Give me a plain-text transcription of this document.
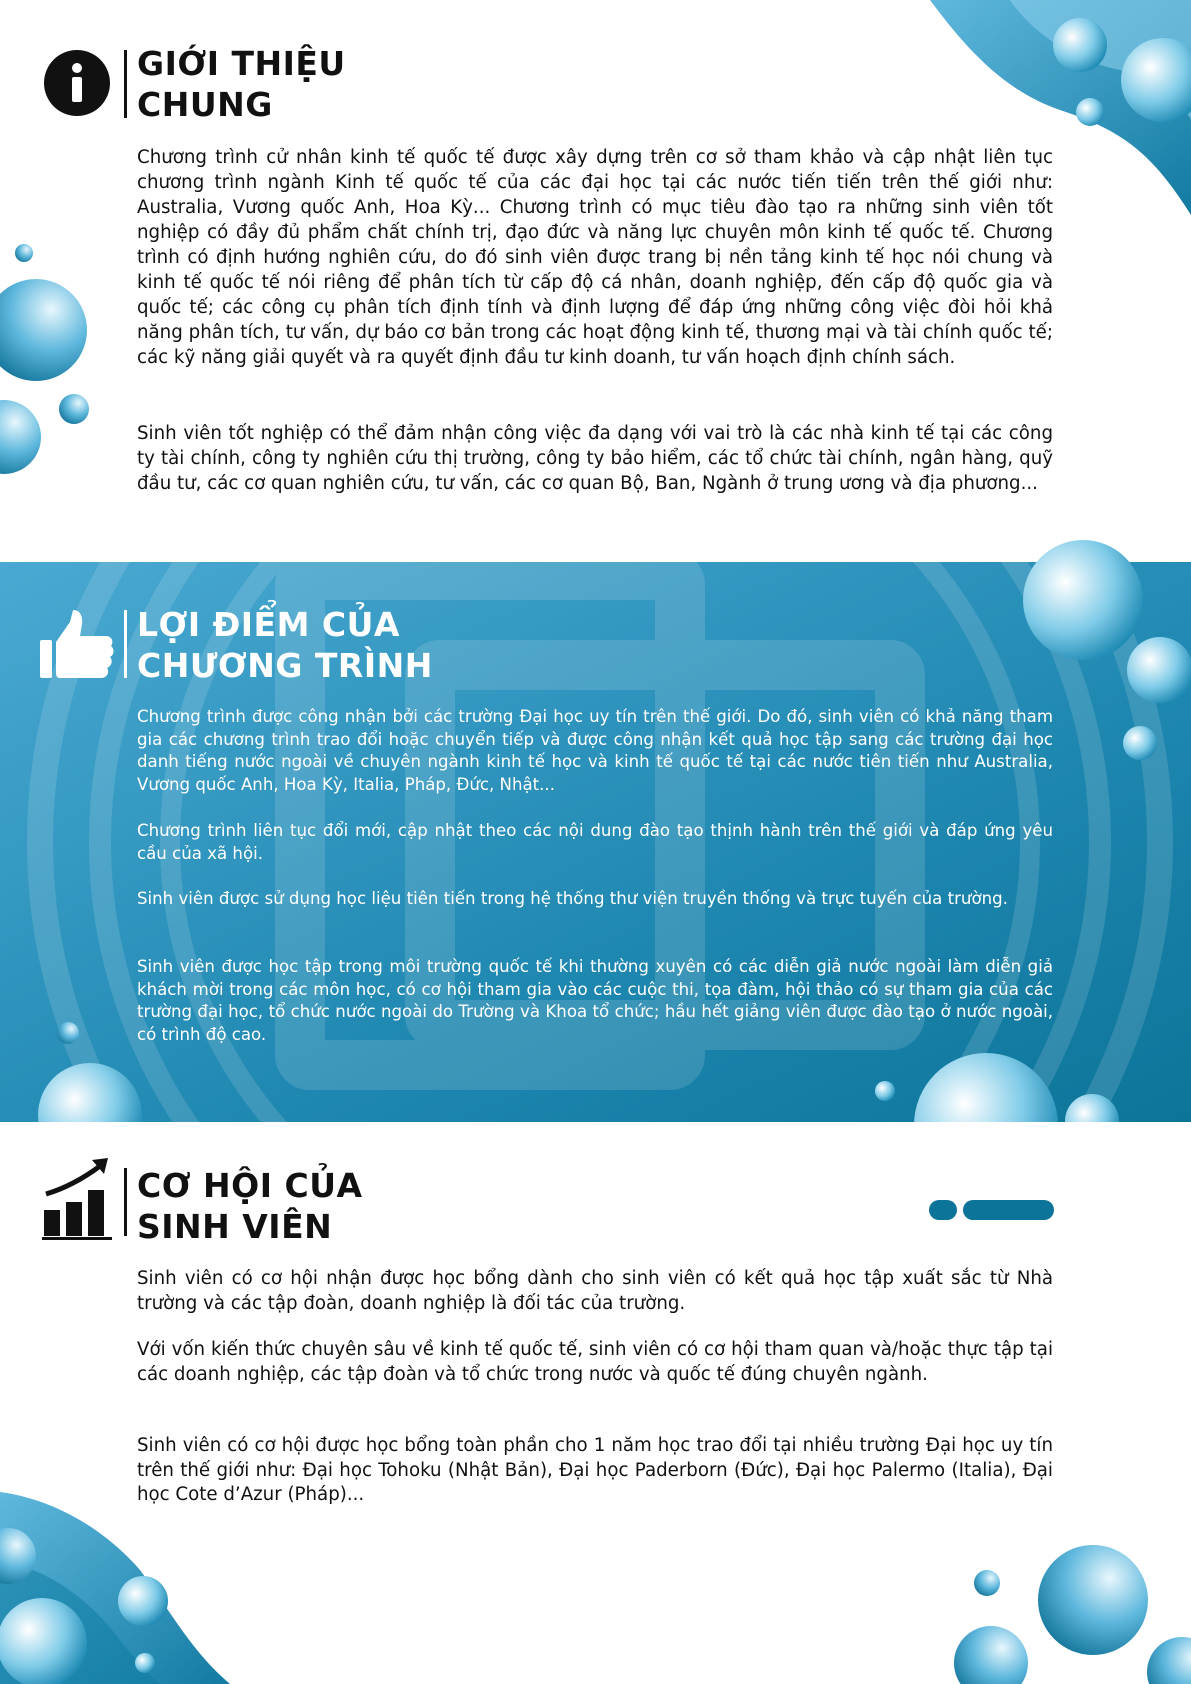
GIỚI THIỆU
CHUNG

Chương trình cử nhân kinh tế quốc tế được xây dựng trên cơ sở tham khảo và cập nhật liên tục chương trình ngành Kinh tế quốc tế của các đại học tại các nước tiến tiến trên thế giới như: Australia, Vương quốc Anh, Hoa Kỳ... Chương trình có mục tiêu đào tạo ra những sinh viên tốt nghiệp có đầy đủ phẩm chất chính trị, đạo đức và năng lực chuyên môn kinh tế quốc tế. Chương trình có định hướng nghiên cứu, do đó sinh viên được trang bị nền tảng kinh tế học nói chung và kinh tế quốc tế nói riêng để phân tích từ cấp độ cá nhân, doanh nghiệp, đến cấp độ quốc gia và quốc tế; các công cụ phân tích định tính và định lượng để đáp ứng những công việc đòi hỏi khả năng phân tích, tư vấn, dự báo cơ bản trong các hoạt động kinh tế, thương mại và tài chính quốc tế; các kỹ năng giải quyết và ra quyết định đầu tư kinh doanh, tư vấn hoạch định chính sách.

Sinh viên tốt nghiệp có thể đảm nhận công việc đa dạng với vai trò là các nhà kinh tế tại các công ty tài chính, công ty nghiên cứu thị trường, công ty bảo hiểm, các tổ chức tài chính, ngân hàng, quỹ đầu tư, các cơ quan nghiên cứu, tư vấn, các cơ quan Bộ, Ban, Ngành ở trung ương và địa phương...

LỢI ĐIỂM CỦA
CHƯƠNG TRÌNH

Chương trình được công nhận bởi các trường Đại học uy tín trên thế giới. Do đó, sinh viên có khả năng tham gia các chương trình trao đổi hoặc chuyển tiếp và được công nhận kết quả học tập sang các trường đại học danh tiếng nước ngoài về chuyên ngành kinh tế học và kinh tế quốc tế tại các nước tiên tiến như Australia, Vương quốc Anh, Hoa Kỳ, Italia, Pháp, Đức, Nhật...

Chương trình liên tục đổi mới, cập nhật theo các nội dung đào tạo thịnh hành trên thế giới và đáp ứng yêu cầu của xã hội.

Sinh viên được sử dụng học liệu tiên tiến trong hệ thống thư viện truyền thống và trực tuyến của trường.

Sinh viên được học tập trong môi trường quốc tế khi thường xuyên có các diễn giả nước ngoài làm diễn giả khách mời trong các môn học, có cơ hội tham gia vào các cuộc thi, tọa đàm, hội thảo có sự tham gia của các trường đại học, tổ chức nước ngoài do Trường và Khoa tổ chức; hầu hết giảng viên được đào tạo ở nước ngoài, có trình độ cao.

CƠ HỘI CỦA
SINH VIÊN

Sinh viên có cơ hội nhận được học bổng dành cho sinh viên có kết quả học tập xuất sắc từ Nhà trường và các tập đoàn, doanh nghiệp là đối tác của trường.

Với vốn kiến thức chuyên sâu về kinh tế quốc tế, sinh viên có cơ hội tham quan và/hoặc thực tập tại các doanh nghiệp, các tập đoàn và tổ chức trong nước và quốc tế đúng chuyên ngành.

Sinh viên có cơ hội được học bổng toàn phần cho 1 năm học trao đổi tại nhiều trường Đại học uy tín trên thế giới như: Đại học Tohoku (Nhật Bản), Đại học Paderborn (Đức), Đại học Palermo (Italia), Đại học Cote d’Azur (Pháp)...
